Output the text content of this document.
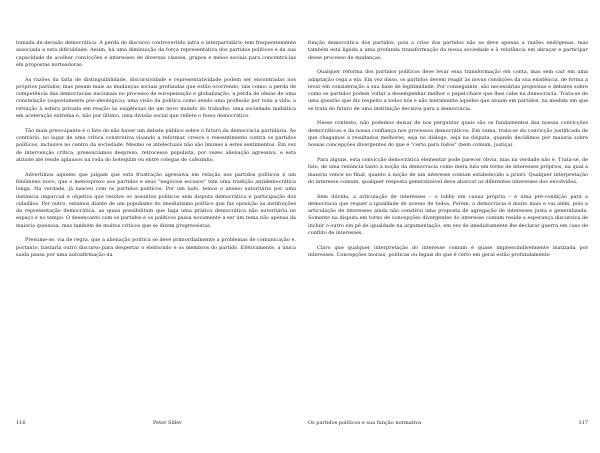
tomada de decisão democrática. A perda do discurso controvertido intra e interpartidário tem frequentemente associada a esta dificuldade. Assim, há uma diminuição da força representativa dos partidos políticos e da sua capacidade de acolher convicções e interesses de diversas classes, grupos e meios sociais para concentrá-las em propostas norteadoras.

As razões da falta de distinguibilidade, discursividade e representatividade podem ser encontradas nos próprios partidos; mas pesam mais as mudanças sociais profundas que estão ocorrendo, tais como: a perda de competência das democracias nacionais no processo de europeização e globalização; a perda de ideias de uma constelação (supostamente pós-ideológica); uma visão da política como sendo uma profissão por toda a vida; a retração à esfera privada em reação às exigências de um novo mundo do trabalho; uma sociedade midiática em aceleração extrema e, não por último, uma divisão social que reflete o fosso democrático.

Tão mais preocupante é o fato de não haver um debate público sobre o futuro da democracia partidária. Ao contrário, no lugar de uma crítica construtiva visando a reformar, cresce o ressentimento contra os partidos políticos, inclusive no centro da sociedade. Mesmo os intelectuais não são imunes a estes sentimentos. Em vez de intervenção crítica, presenciamos desprezo, retrocesso populista, por vezes alienação agressiva, e esta atitude até rende aplausos na roda do botequim ou entre colegas de cafezinho.

Advertimos aqueles que julgam que esta frustração agressiva em relação aos partidos políticos é um fenômeno novo, que o menosprezo aos partidos e seus "negócios escusos" tem uma tradição antidemocrática longa. Na verdade, já nasceu com os partidos políticos. Por um lado, temos o anseio autoritário por uma instância imparcial e objetiva que resolve os assuntos políticos sem disputa democrática e participação dos cidadãos. Por outro, estamos diante de um populismo do imediatismo político que faz oposição às instituições da representação democrática, as quais possibilitam que haja uma prática democrática não autoritária no espaço e no tempo. O desencanto com os partidos e os políticos passa novamente a ser um tema não apenas da maioria queixosa, mas também de muitos críticos que se dizem progressistas.

Presume-se, via de regra, que a alienação política se deve primordialmente a problemas de comunicação e, portanto, bastaria outro discurso para despertar o eleitorado e os membros do partido. Efetivamente, a única saída passa por uma autoafirmação da

116	Peter Siller

função democrática dos partidos, pois a crise dos partidos não se deve apenas a razões endógenas, mas também está ligada a uma profunda transformação da nossa sociedade e à relutância em abraçar e participar desse processo de mudanças.

Qualquer reforma dos partidos políticos deve levar essa transformação em conta, mas sem cair em uma adaptação cega a ela. Em vez disso, os partidos devem reagir às novas condições da sua existência, de forma a levar em consideração a sua base de legitimidade. Por conseguinte, são necessárias propostas e debates sobre como os partidos podem voltar a desempenhar melhor o papel-chave que lhes cabe na democracia. Trata-se de uma questão que diz respeito a todos nós e não meramente àqueles que atuam em partidos, na medida em que se trata do futuro de uma instituição decisiva para a democracia.

Nesse contexto, não podemos deixar de nos perguntar quais são os fundamentos das nossas convicções democráticas e da nossa confiança nos processos democráticos. Em suma, trata-se da convicção justificada de que chegamos a resultados melhores, seja no diálogo, seja na disputa, quando decidimos por maioria sobre nossas concepções divergentes do que é "certo para todos" (bem comum, justiça).

Para alguns, esta convicção democrática elementar pode parecer óbvia, mas na verdade não é. Trata-se, de fato, de uma renúncia tanto à noção da democracia como mera luta em torno de interesses próprios, na qual a maioria vence no final, quanto à noção de um interesse comum estabelecido a priori. Qualquer interpretação do interesse comum, qualquer resposta generalizável deve abarcar os diferentes interesses dos envolvidos.

Sem dúvida, a articulação de interesses – o lobby em causa própria – é uma pré-condição para a democracia que requer a igualdade de acesso de todos. Porém, a democracia é muito mais e vai além, pois a articulação de interesses ainda não constitui uma proposta de agregação de interesses justa e generalizada. Somente na disputa em torno de concepções divergentes do interesse comum reside a esperança discursiva de incluir o outro em pé de igualdade na argumentação, em vez de imediatamente lhe declarar guerra em caso de conflito de interesses.

Claro que qualquer interpretação do interesse comum é quase imprescindivelmente matizada por interesses. Concepções morais, políticas ou legais do que é certo em geral estão profundamente

Os partidos políticos e sua função normativa	117
